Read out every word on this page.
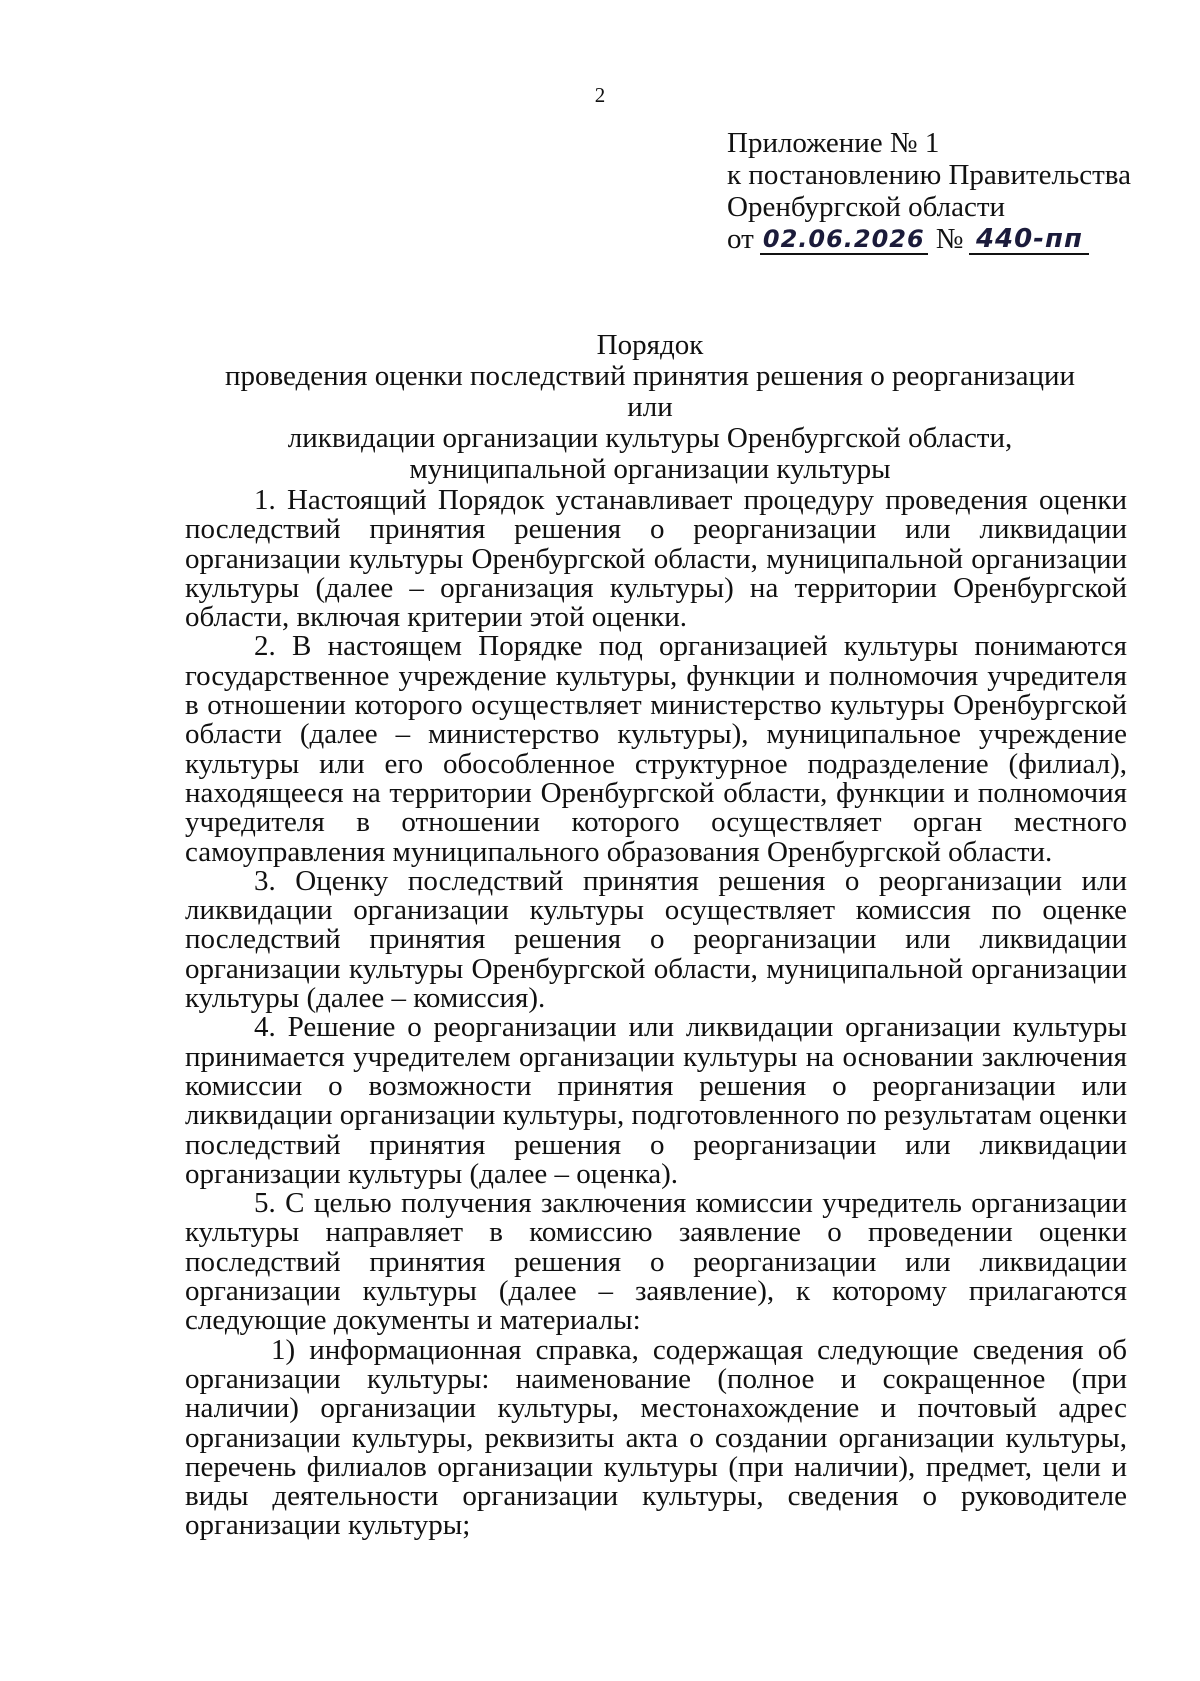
2
Приложение № 1
к постановлению Правительства
Оренбургской области
от 02.06.2026 № 440-пп
Порядок
проведения оценки последствий принятия решения о реорганизации или
ликвидации организации культуры Оренбургской области,
муниципальной организации культуры

1. Настоящий Порядок устанавливает процедуру проведения оценки последствий принятия решения о реорганизации или ликвидации организации культуры Оренбургской области, муниципальной организации культуры (далее – организация культуры) на территории Оренбургской области, включая критерии этой оценки.

2. В настоящем Порядке под организацией культуры понимаются государственное учреждение культуры, функции и полномочия учредителя в отношении которого осуществляет министерство культуры Оренбургской области (далее – министерство культуры), муниципальное учреждение культуры или его обособленное структурное подразделение (филиал), находящееся на территории Оренбургской области, функции и полномочия учредителя в отношении которого осуществляет орган местного самоуправления муниципального образования Оренбургской области.

3. Оценку последствий принятия решения о реорганизации или ликвидации организации культуры осуществляет комиссия по оценке последствий принятия решения о реорганизации или ликвидации организации культуры Оренбургской области, муниципальной организации культуры (далее – комиссия).

4. Решение о реорганизации или ликвидации организации культуры принимается учредителем организации культуры на основании заключения комиссии о возможности принятия решения о реорганизации или ликвидации организации культуры, подготовленного по результатам оценки последствий принятия решения о реорганизации или ликвидации организации культуры (далее – оценка).

5. С целью получения заключения комиссии учредитель организации культуры направляет в комиссию заявление о проведении оценки последствий принятия решения о реорганизации или ликвидации организации культуры (далее – заявление), к которому прилагаются следующие документы и материалы:

1) информационная справка, содержащая следующие сведения об организации культуры: наименование (полное и сокращенное (при наличии) организации культуры, местонахождение и почтовый адрес организации культуры, реквизиты акта о создании организации культуры, перечень филиалов организации культуры (при наличии), предмет, цели и виды деятельности организации культуры, сведения о руководителе организации культуры;
